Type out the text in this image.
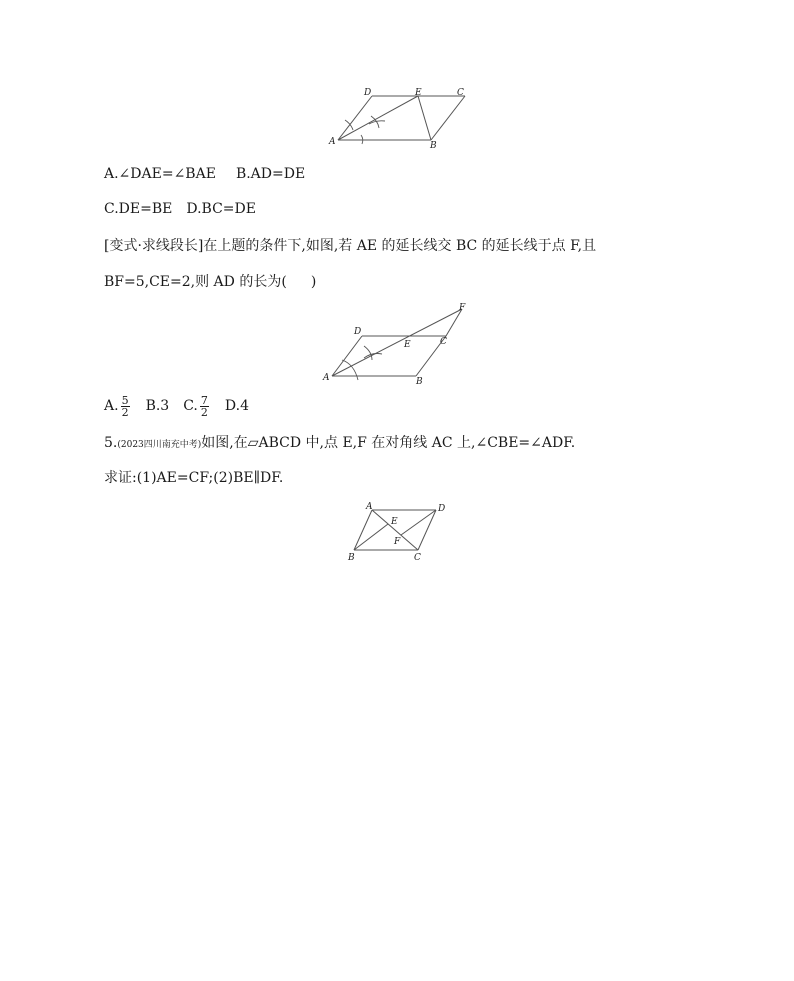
D	E	C
A	B
A.∠DAE=∠BAE B.AD=DE
C.DE=BE D.BC=DE
[变式·求线段长]在上题的条件下,如图,若 AE 的延长线交 BC 的延长线于点 F,且
BF=5,CE=2,则 AD 的长为( )
D
E	C
F
A	B
A. $\frac{5}{2} B.3$ C. $\frac{7}{2} D.4$
5.(2023四川南充中考)如图,在▱ABCD 中,点 E,F 在对角线 AC 上,∠CBE=∠ADF.
求证:(1)AE=CF;(2)BE∥DF.
A	D
E
F
B	C
